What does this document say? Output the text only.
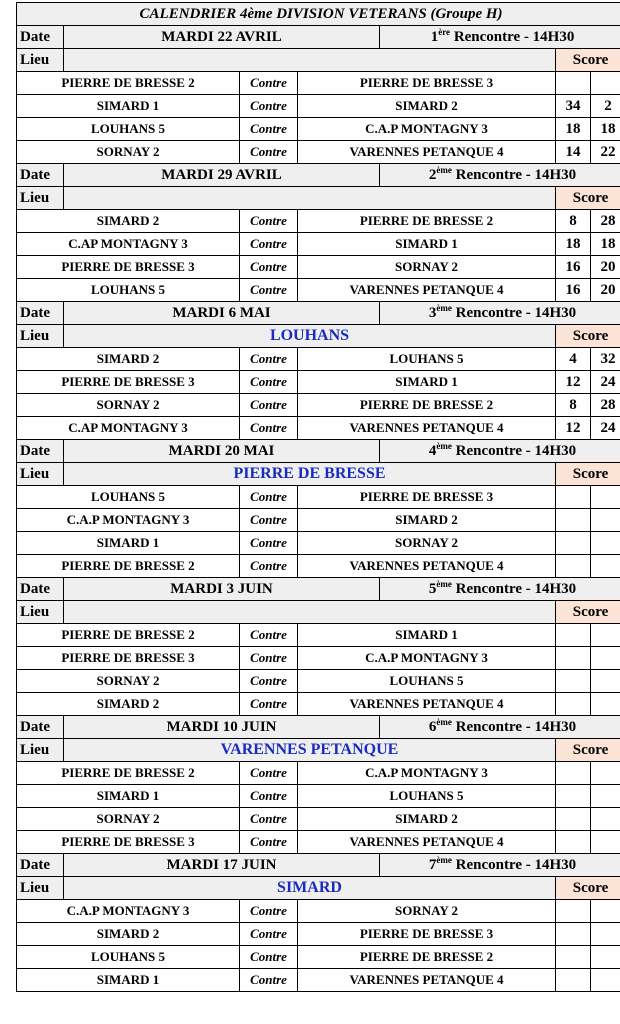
CALENDRIER 4ème DIVISION VETERANS (Groupe H)						
Date	MARDI 22 AVRIL			1ère Rencontre - 14H30		
Lieu					Score	
PIERRE DE BRESSE 2		Contre	PIERRE DE BRESSE 3			
SIMARD 1		Contre	SIMARD 2		34	2
LOUHANS 5		Contre	C.A.P MONTAGNY 3		18	18
SORNAY 2		Contre	VARENNES PETANQUE 4		14	22
Date	MARDI 29 AVRIL			2ème Rencontre - 14H30		
Lieu					Score	
SIMARD 2		Contre	PIERRE DE BRESSE 2		8	28
C.AP MONTAGNY 3		Contre	SIMARD 1		18	18
PIERRE DE BRESSE 3		Contre	SORNAY 2		16	20
LOUHANS 5		Contre	VARENNES PETANQUE 4		16	20
Date	MARDI 6 MAI			3ème Rencontre - 14H30		
Lieu	LOUHANS				Score	
SIMARD 2		Contre	LOUHANS 5		4	32
PIERRE DE BRESSE 3		Contre	SIMARD 1		12	24
SORNAY 2		Contre	PIERRE DE BRESSE 2		8	28
C.AP MONTAGNY 3		Contre	VARENNES PETANQUE 4		12	24
Date	MARDI 20 MAI			4ème Rencontre - 14H30		
Lieu	PIERRE DE BRESSE				Score	
LOUHANS 5		Contre	PIERRE DE BRESSE 3			
C.A.P MONTAGNY 3		Contre	SIMARD 2			
SIMARD 1		Contre	SORNAY 2			
PIERRE DE BRESSE 2		Contre	VARENNES PETANQUE 4			
Date	MARDI 3 JUIN			5ème Rencontre - 14H30		
Lieu					Score	
PIERRE DE BRESSE 2		Contre	SIMARD 1			
PIERRE DE BRESSE 3		Contre	C.A.P MONTAGNY 3			
SORNAY 2		Contre	LOUHANS 5			
SIMARD 2		Contre	VARENNES PETANQUE 4			
Date	MARDI 10 JUIN			6ème Rencontre - 14H30		
Lieu	VARENNES PETANQUE				Score	
PIERRE DE BRESSE 2		Contre	C.A.P MONTAGNY 3			
SIMARD 1		Contre	LOUHANS 5			
SORNAY 2		Contre	SIMARD 2			
PIERRE DE BRESSE 3		Contre	VARENNES PETANQUE 4			
Date	MARDI 17 JUIN			7ème Rencontre - 14H30		
Lieu	SIMARD				Score	
C.A.P MONTAGNY 3		Contre	SORNAY 2			
SIMARD 2		Contre	PIERRE DE BRESSE 3			
LOUHANS 5		Contre	PIERRE DE BRESSE 2			
SIMARD 1		Contre	VARENNES PETANQUE 4			
